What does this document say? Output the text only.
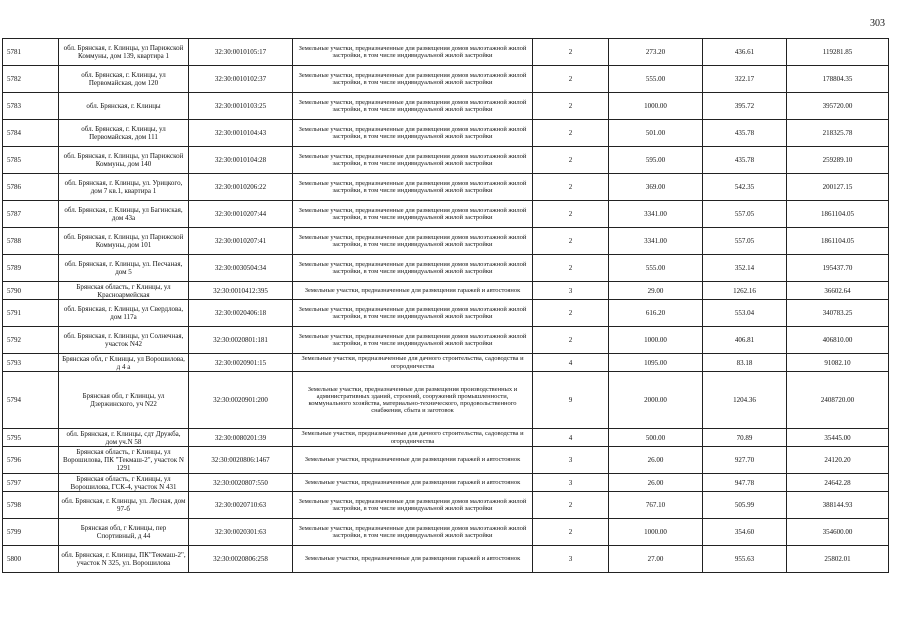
303
5781	обл. Брянская, г. Клинцы, ул Парижской Коммуны, дом 139, квартира 1	32:30:0010105:17	Земельные участки, предназначенные для размещения домов малоэтажной жилой застройки, в том числе индивидуальной жилой застройки	2	273.20	436.61	119281.85
5782	обл. Брянская, г. Клинцы, ул Первомайская, дом 120	32:30:0010102:37	Земельные участки, предназначенные для размещения домов малоэтажной жилой застройки, в том числе индивидуальной жилой застройки	2	555.00	322.17	178804.35
5783	обл. Брянская, г. Клинцы	32:30:0010103:25	Земельные участки, предназначенные для размещения домов малоэтажной жилой застройки, в том числе индивидуальной жилой застройки	2	1000.00	395.72	395720.00
5784	обл. Брянская, г. Клинцы, ул Первомайская, дом 111	32:30:0010104:43	Земельные участки, предназначенные для размещения домов малоэтажной жилой застройки, в том числе индивидуальной жилой застройки	2	501.00	435.78	218325.78
5785	обл. Брянская, г. Клинцы, ул Парижской Коммуны, дом 140	32:30:0010104:28	Земельные участки, предназначенные для размещения домов малоэтажной жилой застройки, в том числе индивидуальной жилой застройки	2	595.00	435.78	259289.10
5786	обл. Брянская, г. Клинцы, ул. Урицкого, дом 7 кв.1, квартира 1	32:30:0010206:22	Земельные участки, предназначенные для размещения домов малоэтажной жилой застройки, в том числе индивидуальной жилой застройки	2	369.00	542.35	200127.15
5787	обл. Брянская, г. Клинцы, ул Багинская, дом 43а	32:30:0010207:44	Земельные участки, предназначенные для размещения домов малоэтажной жилой застройки, в том числе индивидуальной жилой застройки	2	3341.00	557.05	1861104.05
5788	обл. Брянская, г. Клинцы, ул Парижской Коммуны, дом 101	32:30:0010207:41	Земельные участки, предназначенные для размещения домов малоэтажной жилой застройки, в том числе индивидуальной жилой застройки	2	3341.00	557.05	1861104.05
5789	обл. Брянская, г. Клинцы, ул. Песчаная, дом 5	32:30:0030504:34	Земельные участки, предназначенные для размещения домов малоэтажной жилой застройки, в том числе индивидуальной жилой застройки	2	555.00	352.14	195437.70
5790	Брянская область, г Клинцы, ул Красноармейская	32:30:0010412:395	Земельные участки, предназначенные для размещения гаражей и автостоянок	3	29.00	1262.16	36602.64
5791	обл. Брянская, г. Клинцы, ул Свердлова, дом 117а	32:30:0020406:18	Земельные участки, предназначенные для размещения домов малоэтажной жилой застройки, в том числе индивидуальной жилой застройки	2	616.20	553.04	340783.25
5792	обл. Брянская, г. Клинцы, ул Солнечная, участок N42	32:30:0020801:181	Земельные участки, предназначенные для размещения домов малоэтажной жилой застройки, в том числе индивидуальной жилой застройки	2	1000.00	406.81	406810.00
5793	Брянская обл, г Клинцы, ул Ворошилова, д 4 а	32:30:0020901:15	Земельные участки, предназначенные для дачного строительства, садоводства и огородничества	4	1095.00	83.18	91082.10
5794	Брянская обл, г Клинцы, ул Дзержинского, уч N22	32:30:0020901:200	Земельные участки, предназначенные для размещения производственных и административных зданий, строений, сооружений промышленности, коммунального хозяйства, материально-технического, продовольственного снабжения, сбыта и заготовок	9	2000.00	1204.36	2408720.00
5795	обл. Брянская, г. Клинцы, сдт Дружба, дом уч.N 58	32:30:0080201:39	Земельные участки, предназначенные для дачного строительства, садоводства и огородничества	4	500.00	70.89	35445.00
5796	Брянская область, г Клинцы, ул Ворошилова, ПК "Текмаш-2", участок N 1291	32:30:0020806:1467	Земельные участки, предназначенные для размещения гаражей и автостоянок	3	26.00	927.70	24120.20
5797	Брянская область, г Клинцы, ул Ворошилова, ГСК-4, участок N 431	32:30:0020807:550	Земельные участки, предназначенные для размещения гаражей и автостоянок	3	26.00	947.78	24642.28
5798	обл. Брянская, г. Клинцы, ул. Лесная, дом 97-б	32:30:0020710:63	Земельные участки, предназначенные для размещения домов малоэтажной жилой застройки, в том числе индивидуальной жилой застройки	2	767.10	505.99	388144.93
5799	Брянская обл, г Клинцы, пер Спортивный, д 44	32:30:0020301:63	Земельные участки, предназначенные для размещения домов малоэтажной жилой застройки, в том числе индивидуальной жилой застройки	2	1000.00	354.60	354600.00
5800	обл. Брянская, г. Клинцы, ПК"Текмаш-2", участок N 325, ул. Ворошилова	32:30:0020806:258	Земельные участки, предназначенные для размещения гаражей и автостоянок	3	27.00	955.63	25802.01
